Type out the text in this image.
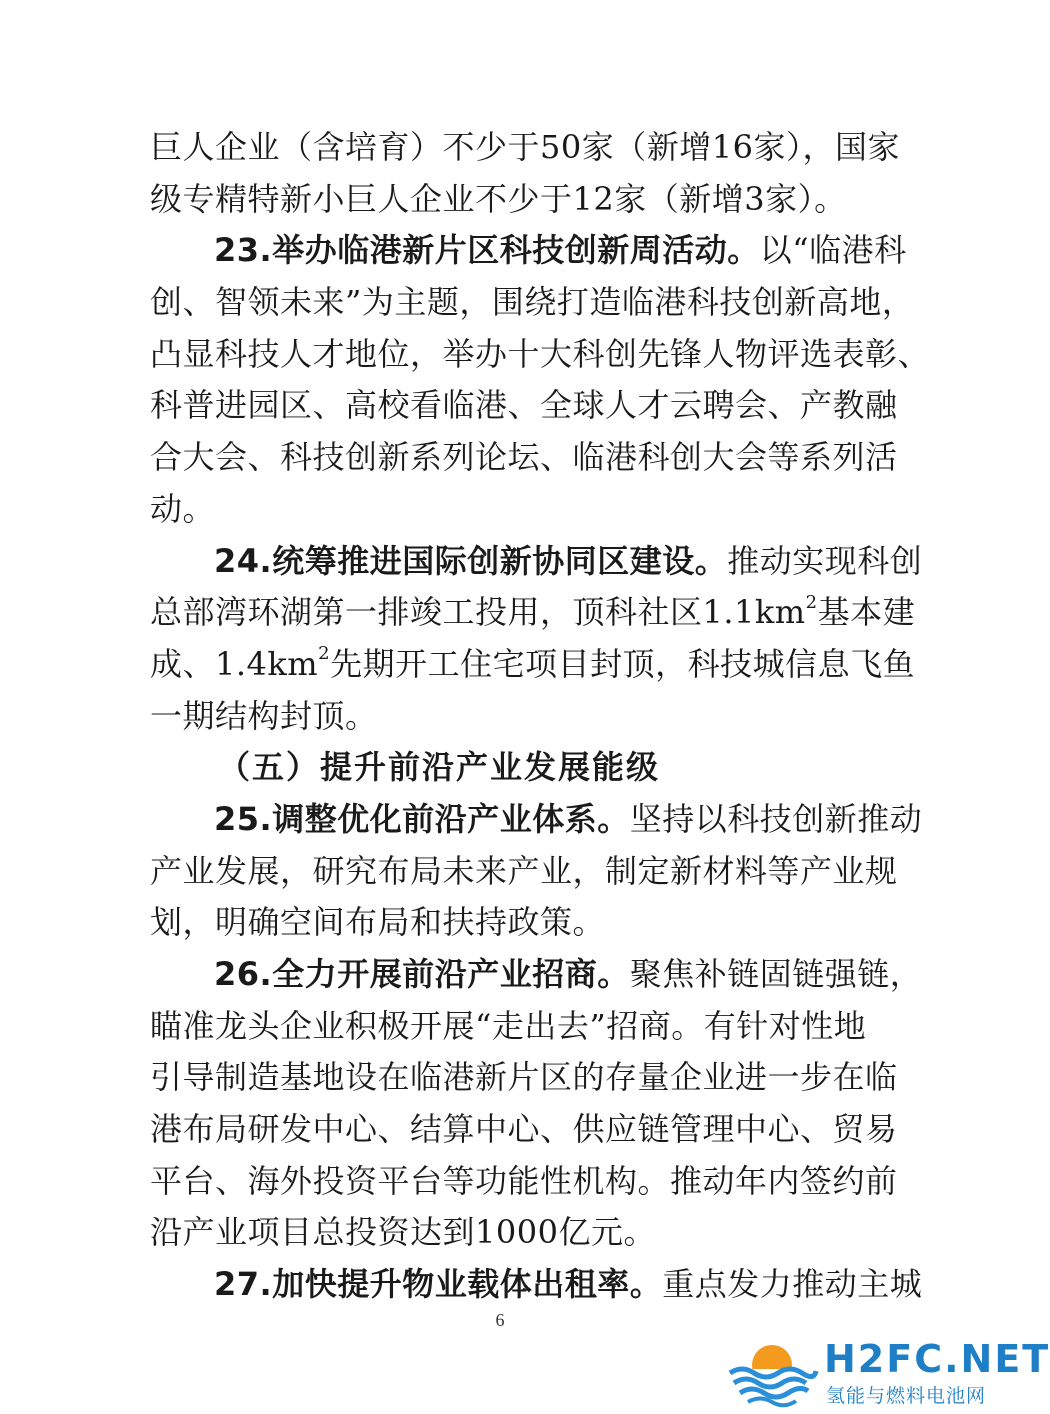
巨人企业（含培育）不少于50家（新增16家），国家
级专精特新小巨人企业不少于12家（新增3家）。
23.举办临港新片区科技创新周活动。以“临港科
创、智领未来”为主题，围绕打造临港科技创新高地，
凸显科技人才地位，举办十大科创先锋人物评选表彰、
科普进园区、高校看临港、全球人才云聘会、产教融
合大会、科技创新系列论坛、临港科创大会等系列活
动。
24.统筹推进国际创新协同区建设。推动实现科创
总部湾环湖第一排竣工投用，顶科社区$1.1km^2$基本建
成、$1.4km^2$先期开工住宅项目封顶，科技城信息飞鱼
一期结构封顶。
（五）提升前沿产业发展能级
25.调整优化前沿产业体系。坚持以科技创新推动
产业发展，研究布局未来产业，制定新材料等产业规
划，明确空间布局和扶持政策。
26.全力开展前沿产业招商。聚焦补链固链强链，
瞄准龙头企业积极开展“走出去”招商。有针对性地
引导制造基地设在临港新片区的存量企业进一步在临
港布局研发中心、结算中心、供应链管理中心、贸易
平台、海外投资平台等功能性机构。推动年内签约前
沿产业项目总投资达到1000亿元。
27.加快提升物业载体出租率。重点发力推动主城
6
H2FC.NET
氢能与燃料电池网
